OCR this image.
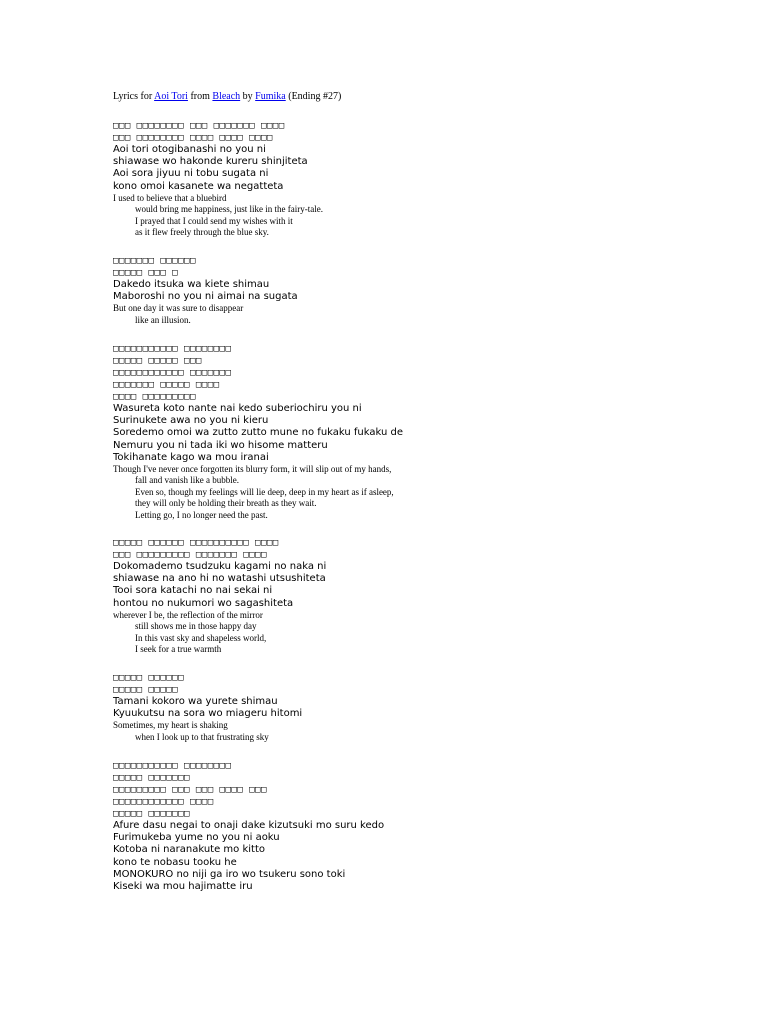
Lyrics for Aoi Tori from Bleach by Fumika (Ending #27)
□□□ □□□□□□□□ □□□ □□□□□□□ □□□□
□□□ □□□□□□□□ □□□□ □□□□ □□□□
Aoi tori otogibanashi no you ni
shiawase wo hakonde kureru shinjiteta
Aoi sora jiyuu ni tobu sugata ni
kono omoi kasanete wa negatteta
I used to believe that a bluebird
would bring me happiness, just like in the fairy-tale.
I prayed that I could send my wishes with it
as it flew freely through the blue sky.
□□□□□□□ □□□□□□
□□□□□ □□□ □
Dakedo itsuka wa kiete shimau
Maboroshi no you ni aimai na sugata
But one day it was sure to disappear
like an illusion.
□□□□□□□□□□□ □□□□□□□□
□□□□□ □□□□□ □□□
□□□□□□□□□□□□ □□□□□□□
□□□□□□□ □□□□□ □□□□
□□□□ □□□□□□□□□
Wasureta koto nante nai kedo suberiochiru you ni
Surinukete awa no you ni kieru
Soredemo omoi wa zutto zutto mune no fukaku fukaku de
Nemuru you ni tada iki wo hisome matteru
Tokihanate kago wa mou iranai
Though I've never once forgotten its blurry form, it will slip out of my hands,
fall and vanish like a bubble.
Even so, though my feelings will lie deep, deep in my heart as if asleep,
they will only be holding their breath as they wait.
Letting go, I no longer need the past.
□□□□□ □□□□□□ □□□□□□□□□□ □□□□
□□□ □□□□□□□□□ □□□□□□□ □□□□
Dokomademo tsudzuku kagami no naka ni
shiawase na ano hi no watashi utsushiteta
Tooi sora katachi no nai sekai ni
hontou no nukumori wo sagashiteta
wherever I be, the reflection of the mirror
still shows me in those happy day
In this vast sky and shapeless world,
I seek for a true warmth
□□□□□ □□□□□□
□□□□□ □□□□□
Tamani kokoro wa yurete shimau
Kyuukutsu na sora wo miageru hitomi
Sometimes, my heart is shaking
when I look up to that frustrating sky
□□□□□□□□□□□ □□□□□□□□
□□□□□ □□□□□□□
□□□□□□□□□ □□□ □□□ □□□□ □□□
□□□□□□□□□□□□ □□□□
□□□□□ □□□□□□□
Afure dasu negai to onaji dake kizutsuki mo suru kedo
Furimukeba yume no you ni aoku
Kotoba ni naranakute mo kitto
kono te nobasu tooku he
MONOKURO no niji ga iro wo tsukeru sono toki
Kiseki wa mou hajimatte iru
